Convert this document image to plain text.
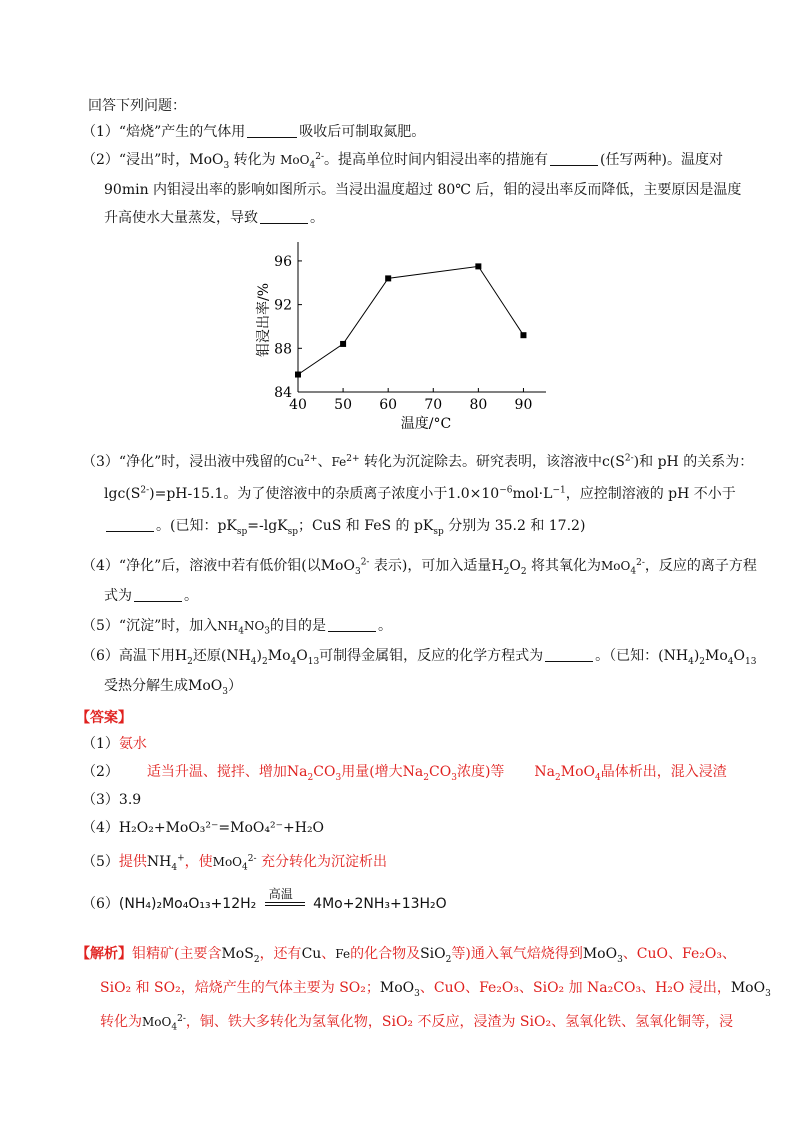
回答下列问题：
（1）“焙烧”产生的气体用	吸收后可制取氮肥。
（2）“浸出”时，MoO$_3$ 转化为 MoO$_4^{2-}$。提高单位时间内钼浸出率的措施有	(任写两种)。温度对
90min 内钼浸出率的影响如图所示。当浸出温度超过 80℃ 后，钼的浸出率反而降低，主要原因是温度
升高使水大量蒸发，导致	。
40 50 60 70 80 90
84
88
92
96
温度/°C
钼浸出率/%
（3）“净化”时，浸出液中残留的$Cu^{2+}$、$Fe^{2+}$ 转化为沉淀除去。研究表明，该溶液中$c(S^{2-})$和 pH 的关系为：
$\lg c(S^{2-})=pH-15.1$。为了使溶液中的杂质离子浓度小于$1.0\times 10^{-6}mol\cdot L^{-1}$，应控制溶液的 pH 不小于
。(已知：$pK_{sp}=-\lg K_{sp}$；CuS 和 FeS 的 $pK_{sp}$ 分别为 35.2 和 17.2)
（4）“净化”后，溶液中若有低价钼(以MoO$_3^{2-}$ 表示)，可加入适量$H_2O_2$ 将其氧化为MoO$_4^{2-}$，反应的离子方程
式为	。
（5）“沉淀”时，加入$NH_4NO_3$的目的是	。
（6）高温下用$H_2$还原$(NH_4)_2Mo_4O_{13}$可制得金属钼，反应的化学方程式为	。（已知：$(NH_4)_2Mo_4O_{13}$
受热分解生成MoO$_3$）
【答案】
（1）氨水
（2） 适当升温、搅拌、增加$Na_2CO_3$用量(增大$Na_2CO_3$浓度)等 $Na_2MoO_4$晶体析出，混入浸渣
（3）3.9
（4）H₂O₂+MoO₃²⁻=MoO₄²⁻+H₂O
（5）提供$NH_4^+$，使MoO$_4^{2-}$ 充分转化为沉淀析出
（6）(NH₄)₂Mo₄O₁₃+12H₂
高温
4Mo+2NH₃+13H₂O
【解析】钼精矿(主要含MoS$_2$，还有Cu、Fe的化合物及SiO$_2$等)通入氧气焙烧得到MoO$_3$、CuO、Fe₂O₃、
SiO₂ 和 SO₂，焙烧产生的气体主要为 SO₂；MoO$_3$、CuO、Fe₂O₃、SiO₂ 加 Na₂CO₃、H₂O 浸出，MoO$_3$
转化为MoO$_4^{2-}$，铜、铁大多转化为氢氧化物，SiO₂ 不反应，浸渣为 SiO₂、氢氧化铁、氢氧化铜等，浸
